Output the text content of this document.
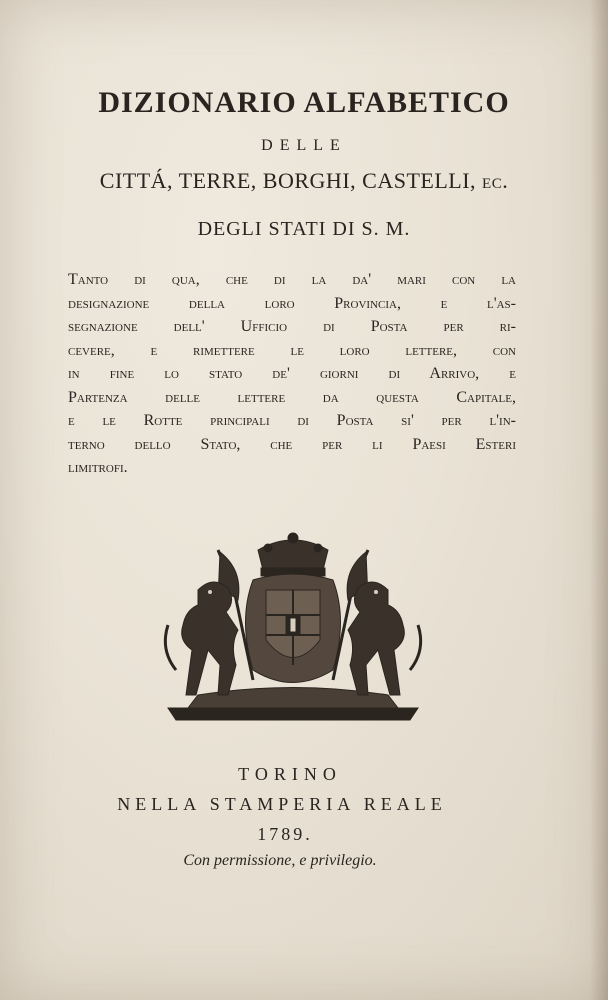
DIZIONARIO ALFABETICO
DELLE
CITTÁ, TERRE, BORGHI, CASTELLI, ec.
DEGLI STATI DI S. M.
Tanto di qua, che di la da' mari con la
designazione della loro Provincia, e l'as-
segnazione dell' Ufficio di Posta per ri-
cevere, e rimettere le loro lettere, con
in fine lo stato de' giorni di Arrivo, e
Partenza delle lettere da questa Capitale,
e le Rotte principali di Posta si' per l'in-
terno dello Stato, che per li Paesi Esteri
limitrofi.
TORINO
NELLA STAMPERIA REALE
1789.
Con permissione, e privilegio.
